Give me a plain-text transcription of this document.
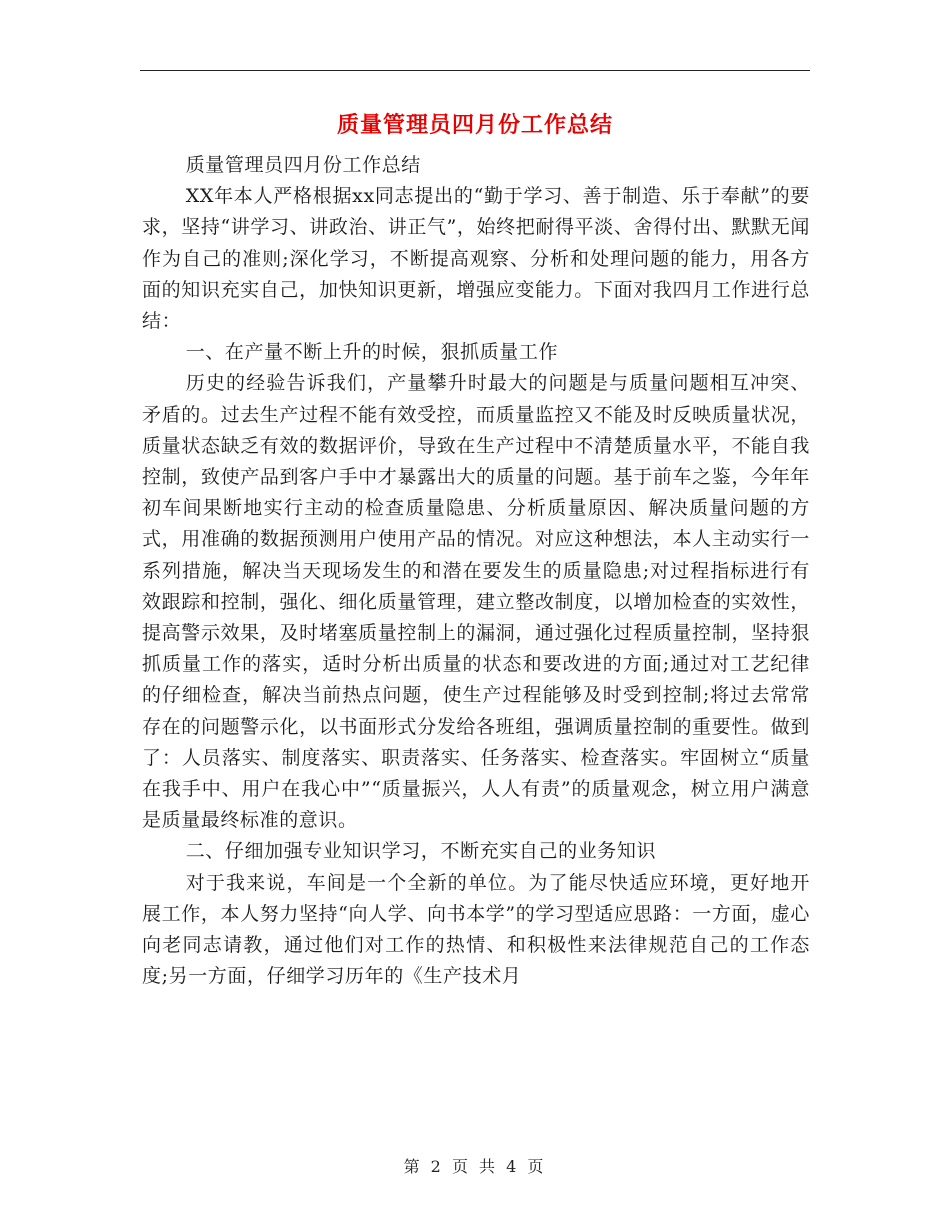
质量管理员四月份工作总结

质量管理员四月份工作总结

XX年本人严格根据xx同志提出的“勤于学习、善于制造、乐于奉献”的要求，坚持“讲学习、讲政治、讲正气”，始终把耐得平淡、舍得付出、默默无闻作为自己的准则;深化学习，不断提高观察、分析和处理问题的能力，用各方面的知识充实自己，加快知识更新，增强应变能力。下面对我四月工作进行总结：

一、在产量不断上升的时候，狠抓质量工作

历史的经验告诉我们，产量攀升时最大的问题是与质量问题相互冲突、矛盾的。过去生产过程不能有效受控，而质量监控又不能及时反映质量状况，质量状态缺乏有效的数据评价，导致在生产过程中不清楚质量水平，不能自我控制，致使产品到客户手中才暴露出大的质量的问题。基于前车之鉴，今年年初车间果断地实行主动的检查质量隐患、分析质量原因、解决质量问题的方式，用准确的数据预测用户使用产品的情况。对应这种想法，本人主动实行一系列措施，解决当天现场发生的和潜在要发生的质量隐患;对过程指标进行有效跟踪和控制，强化、细化质量管理，建立整改制度，以增加检查的实效性，提高警示效果，及时堵塞质量控制上的漏洞，通过强化过程质量控制，坚持狠抓质量工作的落实，适时分析出质量的状态和要改进的方面;通过对工艺纪律的仔细检查，解决当前热点问题，使生产过程能够及时受到控制;将过去常常存在的问题警示化，以书面形式分发给各班组，强调质量控制的重要性。做到了：人员落实、制度落实、职责落实、任务落实、检查落实。牢固树立“质量在我手中、用户在我心中”“质量振兴，人人有责”的质量观念，树立用户满意是质量最终标准的意识。

二、仔细加强专业知识学习，不断充实自己的业务知识

对于我来说，车间是一个全新的单位。为了能尽快适应环境，更好地开展工作，本人努力坚持“向人学、向书本学”的学习型适应思路：一方面，虚心向老同志请教，通过他们对工作的热情、和积极性来法律规范自己的工作态度;另一方面，仔细学习历年的《生产技术月

第 2 页 共 4 页
